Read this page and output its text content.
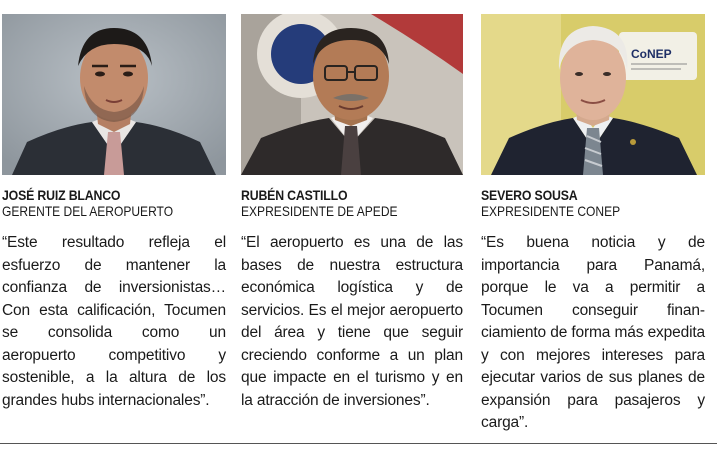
JOSÉ RUIZ BLANCO
GERENTE DEL AEROPUERTO
“Este resultado refleja el esfuerzo de mantener la confianza de inversionistas… Con esta calificación, Tocumen se consolida como un aeropuerto competitivo y sostenible, a la altura de los grandes hubs internacionales”.
RUBÉN CASTILLO
EXPRESIDENTE DE APEDE
“El aeropuerto es una de las bases de nuestra estructura económica logística y de servicios. Es el mejor aeropuerto del área y tiene que seguir creciendo conforme a un plan que impacte en el turismo y en la atracción de inversiones”.
CoNEP
SEVERO SOUSA
EXPRESIDENTE CONEP
“Es buena noticia y de importancia para Panamá, porque le va a permitir a Tocumen conseguir financiamiento de forma más expedita y con mejores intereses para ejecutar varios de sus planes de expansión para pasajeros y carga”.
